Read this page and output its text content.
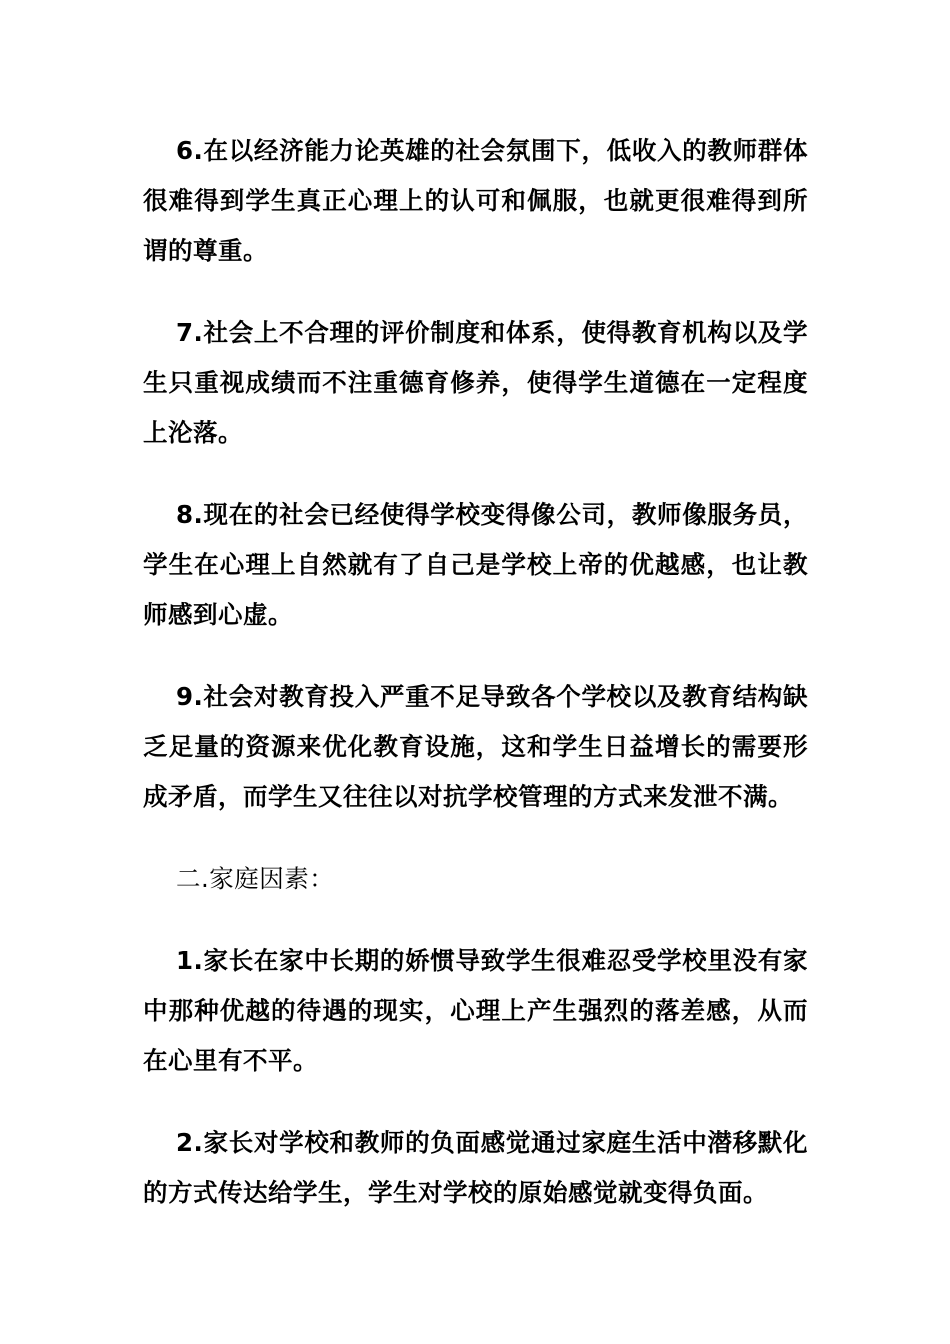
6.在以经济能力论英雄的社会氛围下，低收入的教师群体很难得到学生真正心理上的认可和佩服，也就更很难得到所谓的尊重。

7.社会上不合理的评价制度和体系，使得教育机构以及学生只重视成绩而不注重德育修养，使得学生道德在一定程度上沦落。

8.现在的社会已经使得学校变得像公司，教师像服务员，学生在心理上自然就有了自己是学校上帝的优越感，也让教师感到心虚。

9.社会对教育投入严重不足导致各个学校以及教育结构缺乏足量的资源来优化教育设施，这和学生日益增长的需要形成矛盾，而学生又往往以对抗学校管理的方式来发泄不满。

二.家庭因素：

1.家长在家中长期的娇惯导致学生很难忍受学校里没有家中那种优越的待遇的现实，心理上产生强烈的落差感，从而在心里有不平。

2.家长对学校和教师的负面感觉通过家庭生活中潜移默化的方式传达给学生，学生对学校的原始感觉就变得负面。
